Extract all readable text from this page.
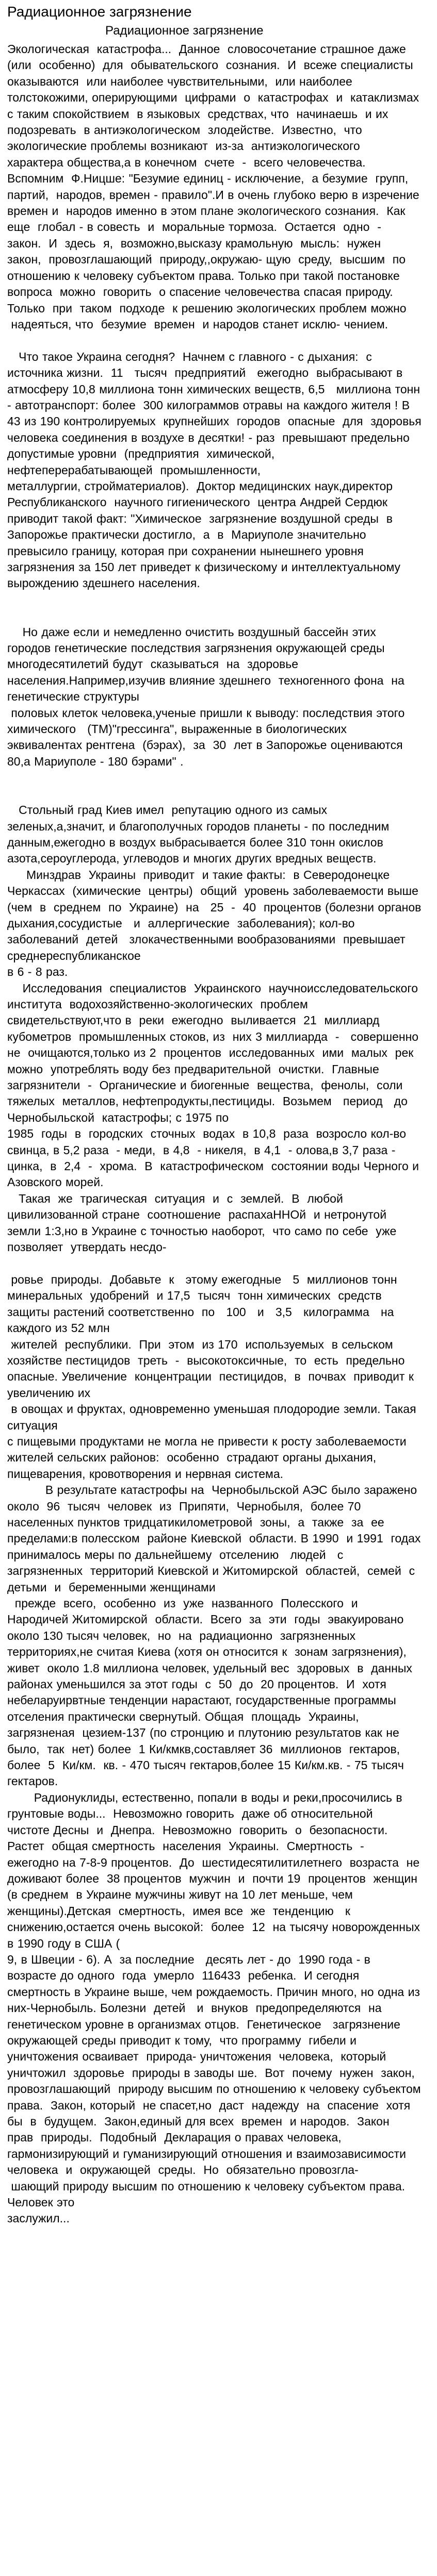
Радиационное загрязнение
Радиационное загрязнение

Экологическая  катастрофа...  Данное  словосочетание страшное даже (или  особенно)  для  обывательского  сознания.  И  всеже специалисты оказываются  или наиболее чувствительными,  или наиболее толстокожими, оперирующими  цифрами  о  катастрофах  и  катаклизмах с таким спокойствием  в языковых  средствах, что  начинаешь  и их подозревать  в антиэкологическом  злодействе.  Известно,  что экологические проблемы возникают  из-за  антиэкологического  характера общества,а в конечном  счете  -  всего человечества.  Вспомним  Ф.Ницше: "Безумие единиц - исключение,  а безумие  групп, партий,  народов, времен - правило".И в очень глубоко верю в изречение  времен и  народов именно в этом плане экологического сознания.  Как  еще  глобал - в совесть  и  моральные тормоза.  Остается  одно  -  закон.  И  здесь  я,  возможно,высказу крамольную  мысль:  нужен  закон,  провозглашающий  природу,,окружаю- щую  среду,  высшим  по  отношению к человеку субъектом права. Только при такой постановке вопроса  можно  говорить  о спасение человечества спасая природу.  Только  при  таком  подходе  к решению экологических проблем можно

надеяться, что  безумие  времен  и народов станет исклю- чением.

Что такое Украина сегодня?  Начнем с главного - с дыхания:  с источника жизни.  11   тысяч  предприятий   ежегодно  выбрасывают в атмосферу 10,8 миллиона тонн химических веществ, 6,5   миллиона тонн - автотранспорт: более  300 килограммов отравы на каждого жителя ! В 43 из 190 контролируемых  крупнейших  городов  опасные  для  здоровья  человека соединения в воздухе в десятки! - раз  превышают предельно допустимые уровни  (предприятия  химической,  нефтеперерабатывающей  промышленности,

металлургии, стройматериалов).  Доктор медицинских наук,директор Республиканского  научного гигиенического  центра Андрей Сердюк приводит такой факт: "Химическое  загрязнение воздушной среды  в Запорожье практически достигло,  а  в  Мариуполе значительно превысило границу, которая при сохранении нынешнего уровня загрязнения за 150 лет приведет к физическому и интеллектуальному  вырождению здешнего населения.

Но даже если и немедленно очистить воздушный бассейн этих городов генетические последствия загрязнения окружающей среды многодесятилетий будут  сказываться  на  здоровье населения.Например,изучив влияние здешнего  техногенного фона  на  генетические структуры

половых клеток человека,ученые пришли к выводу: последствия этого химического   (ТМ)"грессинга", выраженные в биологических эквивалентах рентгена  (бэрах),  за  30  лет в Запорожье оцениваются 80,а Мариуполе - 180 бэрами" .

Стольный град Киев имел  репутацию одного из самых  зеленых,а,значит, и благополучных городов планеты - по последним данным,ежегодно в воздух выбрасывается более 310 тонн окислов  азота,сероуглерода, углеводов и многих других вредных веществ.

Минздрав  Украины  приводит  и такие факты:  в Северодонецке Черкассах  (химические  центры)  общий  уровень заболеваемости выше (чем  в  среднем  по  Украине)  на   25  -  40  процентов (болезни органов дыхания,сосудистые   и  аллергические  заболевания); кол-во заболеваний  детей   злокачественными вообразованиями  превышает среднереспубликанское

в 6 - 8 раз.

Исследования  специалистов  Украинского  научноисследовательского института  водохозяйственно-экологических  проблем  свидетельствуют,что в  реки  ежегодно  выливается  21  миллиард  кубометров  промышленных стоков, из  них 3 миллиарда  -   совершенно   не  очищаются,только из 2  процентов  исследованных  ими  малых  рек  можно  употреблять воду без предварительной  очистки.  Главные  загрязнители  -  Органические и биогенные  вещества,  фенолы,  соли  тяжелых  металлов, нефтепродукты,пестициды.  Возьмем   период   до   Чернобыльской  катастрофы; с 1975 по

1985  годы  в  городских  сточных  водах  в 10,8  раза  возросло кол-во свинца, в 5,2 раза  - меди,  в 4,8  - никеля,  в 4,1  - олова,в 3,7 раза - цинка,  в  2,4  -  хрома.  В  катастрофическом  состоянии воды Черного и  Азовского морей.

Такая  же  трагическая  ситуация  и  с  землей.  В  любой цивилизованной стране  соотношение  распахаННОй  и нетронутой  земли 1:3,но в Украине с точностью наоборот,  что само по себе  уже  позволяет  утвердать несдо-

ровье  природы.  Добавьте  к   этому ежегодные   5  миллионов тонн минеральных  удобрений  и 17,5  тысяч  тонн химических  средств  защиты растений соответственно  по   100   и   3,5   килограмма   на   каждого из 52 млн

жителей  республики.  При  этом  из 170  используемых  в сельском хозяйстве пестицидов  треть  -  высокотоксичные,  то  есть  предельно опасные. Увеличение  концентрации  пестицидов,  в  почвах  приводит к увеличению их

в овощах и фруктах, одновременно уменьшая плодородие земли. Такая ситуация

с пищевыми продуктами не могла не привести к росту заболеваемости  жителей сельских районов:  особенно  страдают органы дыхания, пищеварения, кровотворения и нервная система.

В результате катастрофы на  Чернобыльской АЭС было заражено около  96  тысяч  человек  из  Припяти,  Чернобыля,  более 70 населенных пунктов тридцатикилометровой  зоны,  а  также  за  ее  пределами:в полесском  районе Киевской  области. В 1990  и 1991  годах принималось меры по дальнейшему  отселению   людей   с   загрязненных  территорий Киевской и Житомирской  областей,  семей  с  детьми  и  беременными женщинами

прежде  всего,  особенно  из  уже  названного  Полесского  и Народичей Житомирской  области.  Всего  за  эти  годы  эвакуировано около 130 тысяч человек,  но  на  радиационно  загрязненных территориях,не считая Киева (хотя он относится к  зонам загрязнения),  живет  около 1.8 миллиона человек, удельный вес  здоровых  в  данных районах уменьшился за этот годы  с  50  до  20 процентов.  И  хотя  небеларуирвтные тенденции нарастают, государственные программы отселения практически свернутый. Общая  площадь  Украины,   загрязненая  цезием-137 (по стронцию и плутонию результатов как не было,  так  нет) более  1 Ки/кмкв,составляет 36  миллионов  гектаров,  более  5  Ки/км.  кв. - 470 тысяч гектаров,более 15 Ки/км.кв. - 75 тысяч гектаров.

Радионуклиды, естественно, попали в воды и реки,просочились в грунтовые воды...  Невозможно говорить  даже об относительной  чистоте Десны  и  Днепра.  Невозможно  говорить  о  безопасности.  Растет  общая смертность  населения  Украины.  Смертность  -  ежегодно на 7-8-9 процентов.  До  шестидесятилитилетнего  возраста  не доживают более  38 процентов  мужчин  и  почти 19  процентов  женщин  (в среднем  в Украине мужчины живут на 10 лет меньше, чем  женщины).Детская  смертность,  имея все  же  тенденцию   к  снижению,остается очень высокой:  более  12  на тысячу новорожденных  в 1990 году в США (

9, в Швеции - 6). А  за последние   десять лет - до  1990 года - в возрасте до одного  года  умерло  116433  ребенка.  И сегодня смертность в Украине выше, чем рождаемость. Причин много, но одна из них-Чернобыль. Болезни  детей   и  внуков  предопределяются  на  генетическом уровне в организмах отцов.  Генетическое   загрязнение   окружающей среды приводит к тому,  что программу  гибели и уничтожения осваивает  природа- уничтожения  человека,  который  уничтожил  здоровье  природы в заводы ше.  Вот  почему  нужен  закон,  провозглашающий  природу высшим по отношению к человеку субъектом права.  Закон, который  не спасет,но  даст  надежду  на  спасение  хотя  бы  в  будущем.  Закон,единый для всех  времен  и народов.  Закон  прав  природы.  Подобный  Декларация о правах человека, гармонизирующий и гуманизирующий отношения и взаимозависимости  человека  и  окружающей  среды.  Но  обязательно провозгла-

шающий природу высшим по отношению к человеку субъектом права. Человек это

заслужил...
